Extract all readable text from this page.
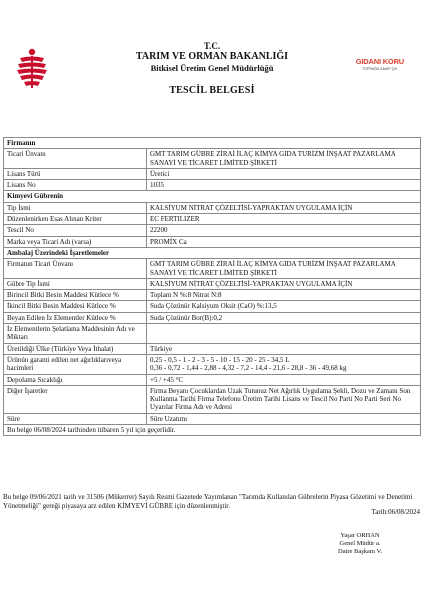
T.C.
TARIM VE ORMAN BAKANLIĞI
Bitkisel Üretim Genel Müdürlüğü
TESCİL BELGESİ
GIDANI KORU
TOPRAĞA SAHİP ÇIK
Firmanın	
Ticari Ünvanı	GMT TARIM GÜBRE ZİRAİ İLAÇ KİMYA GIDA TURİZM İNŞAAT PAZARLAMA SANAYİ VE TİCARET LİMİTED ŞİRKETİ
Lisans Türü	Üretici
Lisans No	1035
Kimyevi Gübrenin	
Tip İsmi	KALSİYUM NİTRAT ÇÖZELTİSİ-YAPRAKTAN UYGULAMA İÇİN
Düzenlenirken Esas Alınan Kriter	EC FERTILIZER
Tescil No	22200
Marka veya Ticari Adı (varsa)	PROMİX Ca
Ambalaj Üzerindeki İşaretlemeler	
Firmanın Ticari Ünvanı	GMT TARIM GÜBRE ZİRAİ İLAÇ KİMYA GIDA TURİZM İNŞAAT PAZARLAMA SANAYİ VE TİCARET LİMİTED ŞİRKETİ
Gübre Tip İsmi	KALSİYUM NİTRAT ÇÖZELTİSİ-YAPRAKTAN UYGULAMA İÇİN
Birincil Bitki Besin Maddesi Kütlece %	Toplam N %:8 Nitrat N:8
İkincil Bitki Besin Maddesi Kütlece %	Suda Çözünür Kalsiyum Oksit (CaO) %:13,5
Beyan Edilen İz Elementler Kütlece %	Suda Çözünür Bor(B):0,2
İz Elementlerin Şelatlama Maddesinin Adı ve Miktarı	
Üretildiği Ülke (Türkiye Veya İthalat)	Türkiye
Ürünün garanti edilen net ağırlıklarıveya hacimleri	0,25 - 0,5 - 1 - 2 - 3 - 5 - 10 - 15 - 20 - 25 - 34,5 L
0,36 - 0,72 - 1,44 - 2,88 - 4,32 - 7,2 - 14,4 - 21,6 - 28,8 - 36 - 49,68 kg
Depolama Sıcaklığı	+5 / +45 °C
Diğer İşaretler	Firma Beyanı Çocuklardan Uzak Tutunuz Net Ağırlık Uygulama Şekli, Dozu ve Zamanı Son Kullanma Tarihi Firma Telefonu Üretim Tarihi Lisans ve Tescil No Parti No Parti Seri No Uyarılar Firma Adı ve Adresi
Süre	Süre Uzatımı
Bu belge 06/08/2024 tarihinden itibaren 5 yıl için geçerlidir.	
Bu belge 09/06/2021 tarih ve 31506 (Mükerrer) Sayılı Resmi Gazetede Yayımlanan "Tarımda Kullanılan Gübrelerin Piyasa Gözetimi ve Denetimi Yönetmeliği" gereği piyasaya arz edilen KİMYEVİ GÜBRE için düzenlenmiştir.
Tarih:06/08/2024
Yaşar ORHAN
Genel Müdür a.
Daire Başkanı V.
